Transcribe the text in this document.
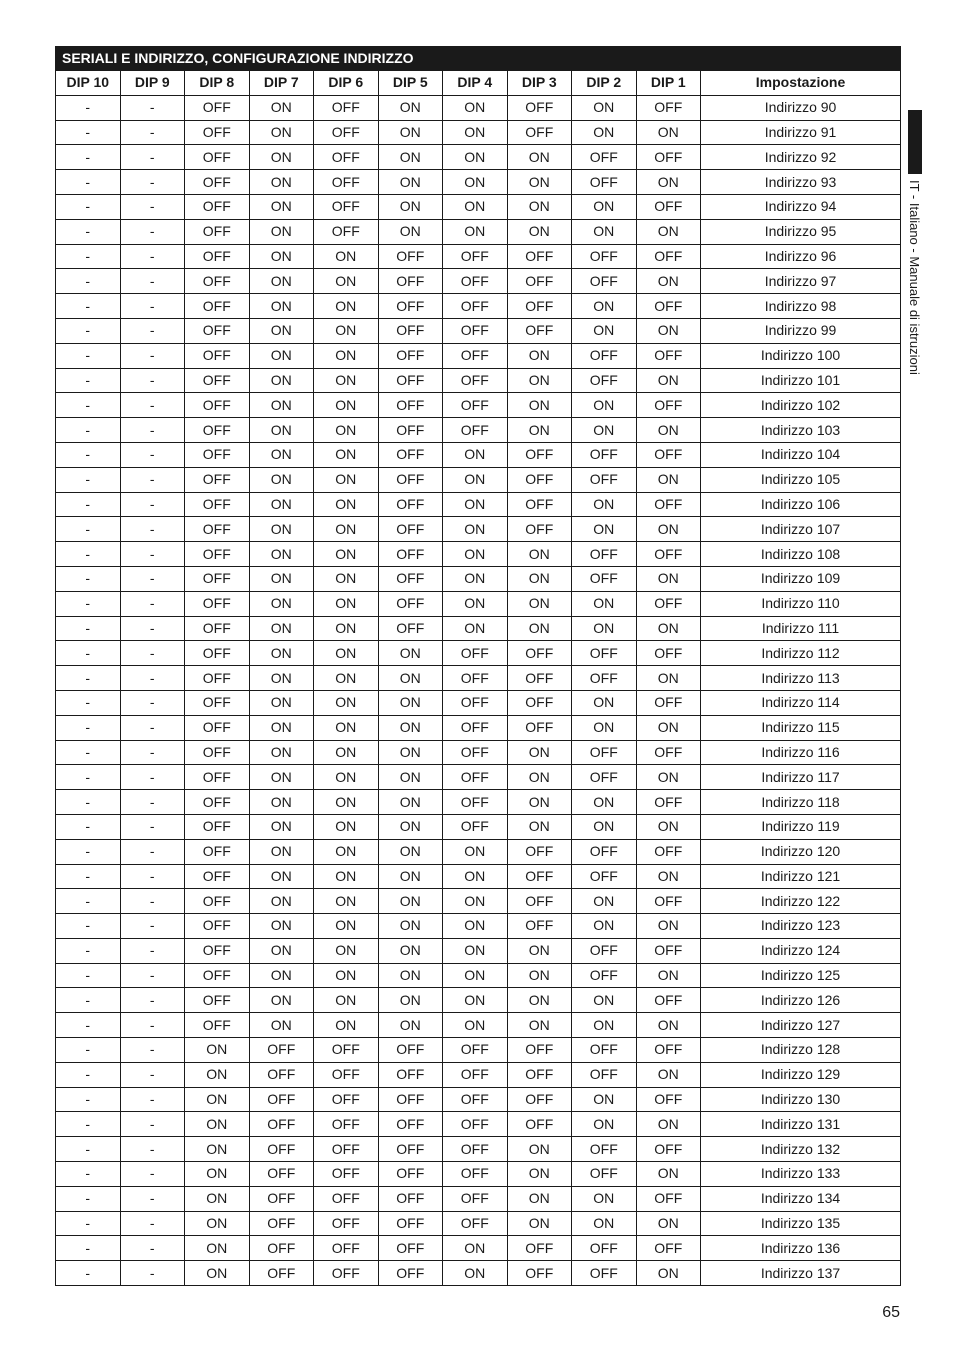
SERIALI E INDIRIZZO, CONFIGURAZIONE INDIRIZZO										
DIP 10	DIP 9	DIP 8	DIP 7	DIP 6	DIP 5	DIP 4	DIP 3	DIP 2	DIP 1	Impostazione
-	-	OFF	ON	OFF	ON	ON	OFF	ON	OFF	Indirizzo 90
-	-	OFF	ON	OFF	ON	ON	OFF	ON	ON	Indirizzo 91
-	-	OFF	ON	OFF	ON	ON	ON	OFF	OFF	Indirizzo 92
-	-	OFF	ON	OFF	ON	ON	ON	OFF	ON	Indirizzo 93
-	-	OFF	ON	OFF	ON	ON	ON	ON	OFF	Indirizzo 94
-	-	OFF	ON	OFF	ON	ON	ON	ON	ON	Indirizzo 95
-	-	OFF	ON	ON	OFF	OFF	OFF	OFF	OFF	Indirizzo 96
-	-	OFF	ON	ON	OFF	OFF	OFF	OFF	ON	Indirizzo 97
-	-	OFF	ON	ON	OFF	OFF	OFF	ON	OFF	Indirizzo 98
-	-	OFF	ON	ON	OFF	OFF	OFF	ON	ON	Indirizzo 99
-	-	OFF	ON	ON	OFF	OFF	ON	OFF	OFF	Indirizzo 100
-	-	OFF	ON	ON	OFF	OFF	ON	OFF	ON	Indirizzo 101
-	-	OFF	ON	ON	OFF	OFF	ON	ON	OFF	Indirizzo 102
-	-	OFF	ON	ON	OFF	OFF	ON	ON	ON	Indirizzo 103
-	-	OFF	ON	ON	OFF	ON	OFF	OFF	OFF	Indirizzo 104
-	-	OFF	ON	ON	OFF	ON	OFF	OFF	ON	Indirizzo 105
-	-	OFF	ON	ON	OFF	ON	OFF	ON	OFF	Indirizzo 106
-	-	OFF	ON	ON	OFF	ON	OFF	ON	ON	Indirizzo 107
-	-	OFF	ON	ON	OFF	ON	ON	OFF	OFF	Indirizzo 108
-	-	OFF	ON	ON	OFF	ON	ON	OFF	ON	Indirizzo 109
-	-	OFF	ON	ON	OFF	ON	ON	ON	OFF	Indirizzo 110
-	-	OFF	ON	ON	OFF	ON	ON	ON	ON	Indirizzo 111
-	-	OFF	ON	ON	ON	OFF	OFF	OFF	OFF	Indirizzo 112
-	-	OFF	ON	ON	ON	OFF	OFF	OFF	ON	Indirizzo 113
-	-	OFF	ON	ON	ON	OFF	OFF	ON	OFF	Indirizzo 114
-	-	OFF	ON	ON	ON	OFF	OFF	ON	ON	Indirizzo 115
-	-	OFF	ON	ON	ON	OFF	ON	OFF	OFF	Indirizzo 116
-	-	OFF	ON	ON	ON	OFF	ON	OFF	ON	Indirizzo 117
-	-	OFF	ON	ON	ON	OFF	ON	ON	OFF	Indirizzo 118
-	-	OFF	ON	ON	ON	OFF	ON	ON	ON	Indirizzo 119
-	-	OFF	ON	ON	ON	ON	OFF	OFF	OFF	Indirizzo 120
-	-	OFF	ON	ON	ON	ON	OFF	OFF	ON	Indirizzo 121
-	-	OFF	ON	ON	ON	ON	OFF	ON	OFF	Indirizzo 122
-	-	OFF	ON	ON	ON	ON	OFF	ON	ON	Indirizzo 123
-	-	OFF	ON	ON	ON	ON	ON	OFF	OFF	Indirizzo 124
-	-	OFF	ON	ON	ON	ON	ON	OFF	ON	Indirizzo 125
-	-	OFF	ON	ON	ON	ON	ON	ON	OFF	Indirizzo 126
-	-	OFF	ON	ON	ON	ON	ON	ON	ON	Indirizzo 127
-	-	ON	OFF	OFF	OFF	OFF	OFF	OFF	OFF	Indirizzo 128
-	-	ON	OFF	OFF	OFF	OFF	OFF	OFF	ON	Indirizzo 129
-	-	ON	OFF	OFF	OFF	OFF	OFF	ON	OFF	Indirizzo 130
-	-	ON	OFF	OFF	OFF	OFF	OFF	ON	ON	Indirizzo 131
-	-	ON	OFF	OFF	OFF	OFF	ON	OFF	OFF	Indirizzo 132
-	-	ON	OFF	OFF	OFF	OFF	ON	OFF	ON	Indirizzo 133
-	-	ON	OFF	OFF	OFF	OFF	ON	ON	OFF	Indirizzo 134
-	-	ON	OFF	OFF	OFF	OFF	ON	ON	ON	Indirizzo 135
-	-	ON	OFF	OFF	OFF	ON	OFF	OFF	OFF	Indirizzo 136
-	-	ON	OFF	OFF	OFF	ON	OFF	OFF	ON	Indirizzo 137
IT - Italiano - Manuale di istruzioni
65
